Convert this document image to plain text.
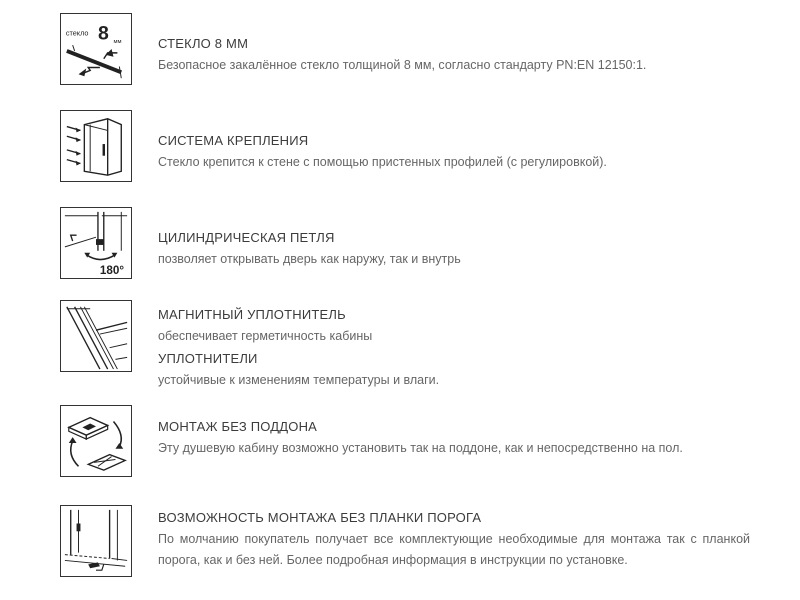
стекло 8 мм	СТЕКЛО 8 ММ

Безопасное закалённое стекло толщиной 8 мм, согласно стандарту PN:EN 12150:1.

СИСТЕМА КРЕПЛЕНИЯ

Стекло крепится к стене с помощью пристенных профилей (с регулировкой).

180°

ЦИЛИНДРИЧЕСКАЯ ПЕТЛЯ

позволяет открывать дверь как наружу, так и внутрь

МАГНИТНЫЙ УПЛОТНИТЕЛЬ

обеспечивает герметичность кабины

УПЛОТНИТЕЛИ

устойчивые к изменениям температуры и влаги.

МОНТАЖ БЕЗ ПОДДОНА

Эту душевую кабину возможно установить так на поддоне, как и непосредственно на пол.

ВОЗМОЖНОСТЬ МОНТАЖА БЕЗ ПЛАНКИ ПОРОГА

По молчанию покупатель получает все комплектующие необходимые для монтажа так с планкой порога, как и без ней. Более подробная информация в инструкции по установке.
